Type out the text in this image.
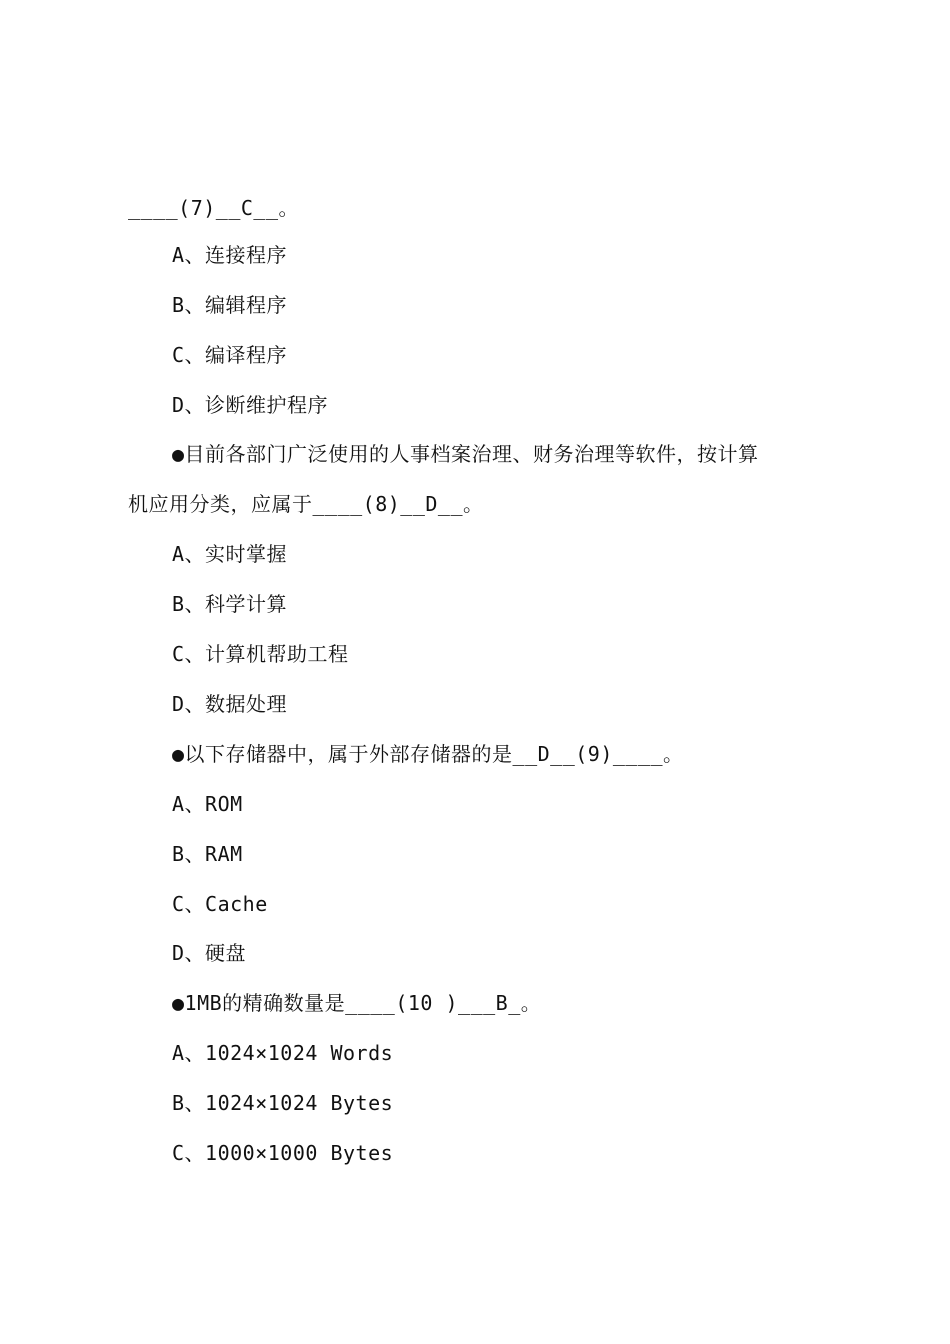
____(7)__C__。
A、连接程序
B、编辑程序
C、编译程序
D、诊断维护程序
●目前各部门广泛使用的人事档案治理、财务治理等软件，按计算
机应用分类，应属于____(8)__D__。
A、实时掌握
B、科学计算
C、计算机帮助工程
D、数据处理
●以下存储器中，属于外部存储器的是__D__(9)____。
A、ROM
B、RAM
C、Cache
D、硬盘
●1MB的精确数量是____(10 )___B_。
A、1024×1024 Words
B、1024×1024 Bytes
C、1000×1000 Bytes
